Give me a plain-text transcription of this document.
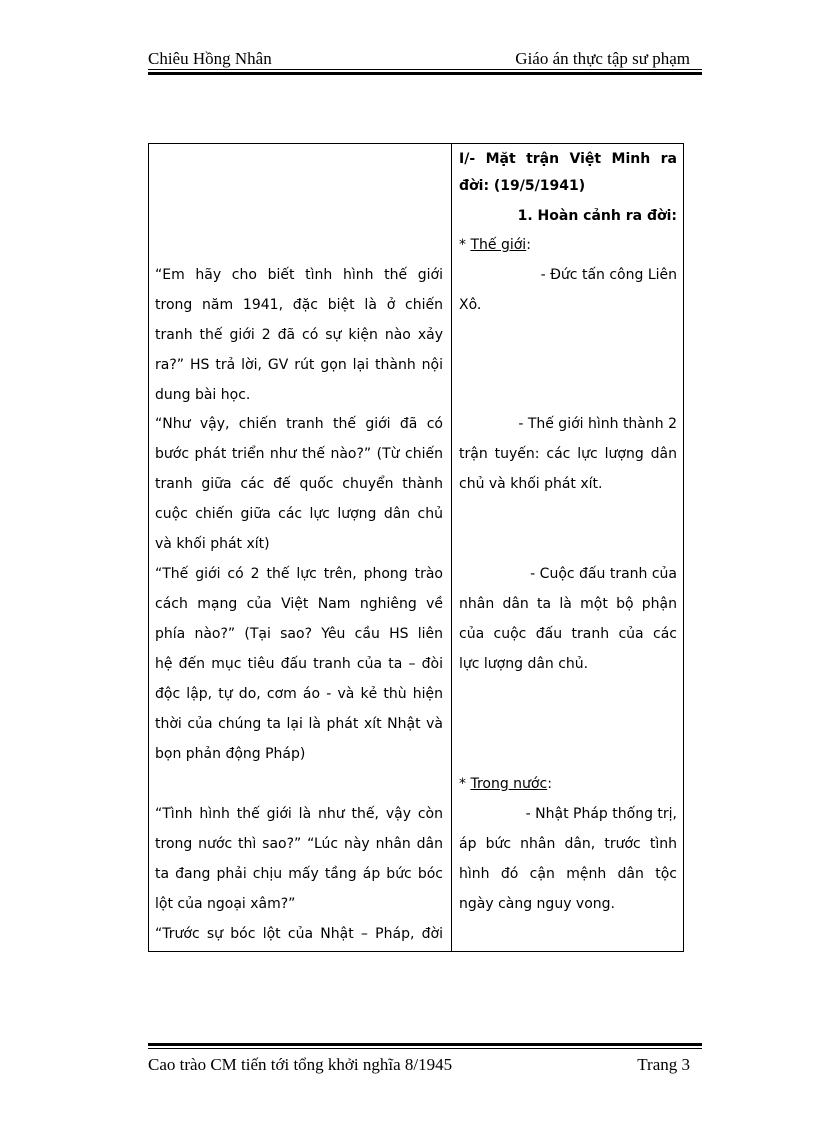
Chiêu Hồng Nhân	Giáo án thực tập sư phạm
“Em hãy cho biết tình hình thế giới
trong năm 1941, đặc biệt là ở chiến
tranh thế giới 2 đã có sự kiện nào xảy
ra?” HS trả lời, GV rút gọn lại thành nội
dung bài học.
“Như vậy, chiến tranh thế giới đã có
bước phát triển như thế nào?” (Từ chiến
tranh giữa các đế quốc chuyển thành
cuộc chiến giữa các lực lượng dân chủ
và khối phát xít)
“Thế giới có 2 thế lực trên, phong trào
cách mạng của Việt Nam nghiêng về
phía nào?” (Tại sao? Yêu cầu HS liên
hệ đến mục tiêu đấu tranh của ta – đòi
độc lập, tự do, cơm áo - và kẻ thù hiện
thời của chúng ta lại là phát xít Nhật và
bọn phản động Pháp)
“Tình hình thế giới là như thế, vậy còn
trong nước thì sao?” “Lúc này nhân dân
ta đang phải chịu mấy tầng áp bức bóc
lột của ngoại xâm?”
“Trước sự bóc lột của Nhật – Pháp, đời
I/- Mặt trận Việt Minh ra
đời: (19/5/1941)
1. Hoàn cảnh ra đời:
* Thế giới:
- Đức tấn công Liên
Xô.
- Thế giới hình thành 2
trận tuyến: các lực lượng dân
chủ và khối phát xít.
- Cuộc đấu tranh của
nhân dân ta là một bộ phận
của cuộc đấu tranh của các
lực lượng dân chủ.
* Trong nước:
- Nhật Pháp thống trị,
áp bức nhân dân, trước tình
hình đó cận mệnh dân tộc
ngày càng nguy vong.
Cao trào CM tiến tới tổng khởi nghĩa 8/1945	Trang 3
